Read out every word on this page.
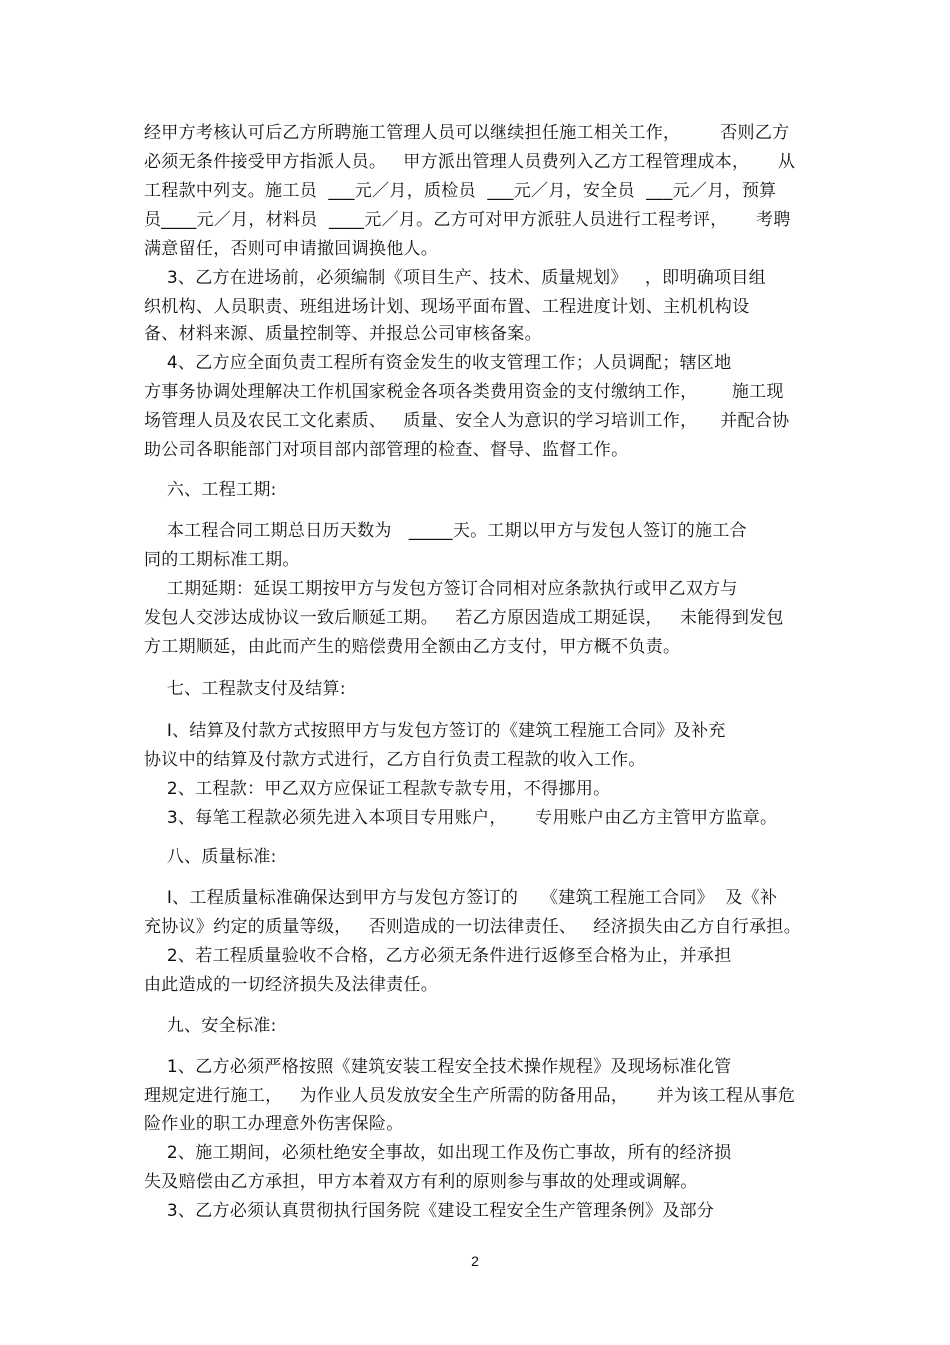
经甲方考核认可后乙方所聘施工管理人员可以继续担任施工相关工作，       否则乙方
必须无条件接受甲方指派人员。   甲方派出管理人员费列入乙方工程管理成本，     从
工程款中列支。施工员  ___元／月，质检员  ___元／月，安全员  ___元／月，预算
员____元／月，材料员  ____元／月。乙方可对甲方派驻人员进行工程考评，     考聘
满意留任，否则可申请撤回调换他人。
3、乙方在进场前，必须编制《项目生产、技术、质量规划》   ，即明确项目组
织机构、人员职责、班组进场计划、现场平面布置、工程进度计划、主机机构设
备、材料来源、质量控制等、并报总公司审核备案。
4、乙方应全面负责工程所有资金发生的收支管理工作；人员调配；辖区地
方事务协调处理解决工作机国家税金各项各类费用资金的支付缴纳工作，      施工现
场管理人员及农民工文化素质、   质量、安全人为意识的学习培训工作，    并配合协
助公司各职能部门对项目部内部管理的检查、督导、监督工作。
六、工程工期:
本工程合同工期总日历天数为   _____天。工期以甲方与发包人签订的施工合
同的工期标准工期。
工期延期：延误工期按甲方与发包方签订合同相对应条款执行或甲乙双方与
发包人交涉达成协议一致后顺延工期。   若乙方原因造成工期延误，   未能得到发包
方工期顺延，由此而产生的赔偿费用全额由乙方支付，甲方概不负责。
七、工程款支付及结算:
I、结算及付款方式按照甲方与发包方签订的《建筑工程施工合同》及补充
协议中的结算及付款方式进行，乙方自行负责工程款的收入工作。
2、工程款：甲乙双方应保证工程款专款专用，不得挪用。
3、每笔工程款必须先进入本项目专用账户，     专用账户由乙方主管甲方监章。
八、质量标准:
I、工程质量标准确保达到甲方与发包方签订的    《建筑工程施工合同》  及《补
充协议》约定的质量等级，   否则造成的一切法律责任、   经济损失由乙方自行承担。
2、若工程质量验收不合格，乙方必须无条件进行返修至合格为止，并承担
由此造成的一切经济损失及法律责任。
九、安全标准:
1、乙方必须严格按照《建筑安装工程安全技术操作规程》及现场标准化管
理规定进行施工，   为作业人员发放安全生产所需的防备用品，     并为该工程从事危
险作业的职工办理意外伤害保险。
2、施工期间，必须杜绝安全事故，如出现工作及伤亡事故，所有的经济损
失及赔偿由乙方承担，甲方本着双方有利的原则参与事故的处理或调解。
3、乙方必须认真贯彻执行国务院《建设工程安全生产管理条例》及部分
2
